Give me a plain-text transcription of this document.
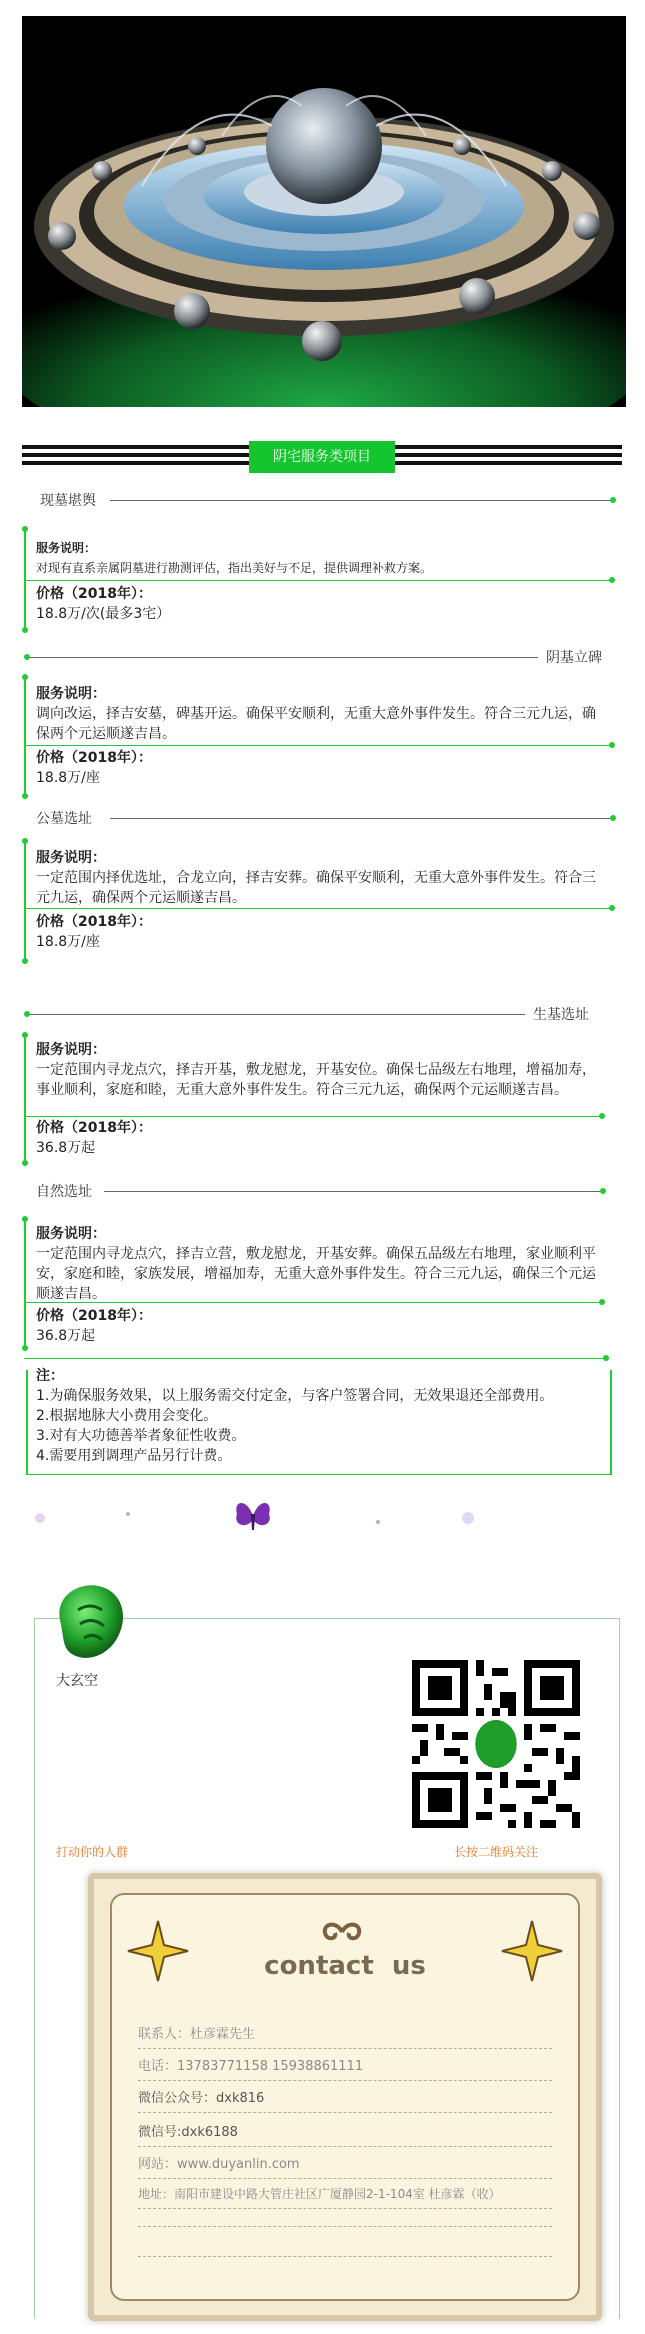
阴宅服务类项目
现墓堪舆
服务说明：
对现有直系亲属阴墓进行勘测评估，指出美好与不足，提供调理补救方案。
价格（2018年）：
18.8万/次(最多3宅）
阴基立碑
服务说明：
调向改运，择吉安墓，碑基开运。确保平安顺利，无重大意外事件发生。符合三元九运，确保两个元运顺遂吉昌。
价格（2018年）：
18.8万/座
公墓选址
服务说明：
一定范围内择优选址，合龙立向，择吉安葬。确保平安顺利，无重大意外事件发生。符合三元九运，确保两个元运顺遂吉昌。
价格（2018年）：
18.8万/座
生基选址
服务说明：
一定范围内寻龙点穴，择吉开基，敷龙慰龙，开基安位。确保七品级左右地理，增福加寿，事业顺利，家庭和睦，无重大意外事件发生。符合三元九运，确保两个元运顺遂吉昌。
价格（2018年）：
36.8万起
自然选址
服务说明：
一定范围内寻龙点穴，择吉立营，敷龙慰龙，开基安葬。确保五品级左右地理，家业顺利平安，家庭和睦，家族发展，增福加寿，无重大意外事件发生。符合三元九运，确保三个元运顺遂吉昌。
价格（2018年）：
36.8万起
注：
1.为确保服务效果，以上服务需交付定金，与客户签署合同，无效果退还全部费用。
2.根据地脉大小费用会变化。
3.对有大功德善举者象征性收费。
4.需要用到调理产品另行计费。
大玄空
打动你的人群	长按二维码关注
contact  us
联系人：杜彦霖先生
电话：13783771158 15938861111
微信公众号：dxk816
微信号:dxk6188
网站：www.duyanlin.com
地址：南阳市建设中路大管庄社区广厦静园2-1-104室 杜彦霖（收）
